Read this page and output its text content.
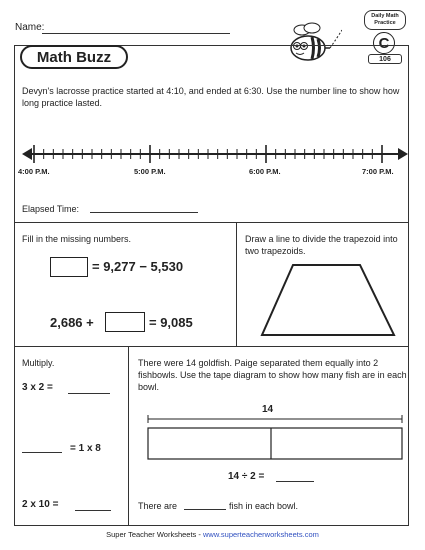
Name:
Daily Math
Practice
C
106
Math Buzz
Devyn's lacrosse practice started at 4:10, and ended at 6:30. Use the number line to show how long practice lasted.
4:00 P.M.	5:00 P.M.	6:00 P.M.	7:00 P.M.
Elapsed Time:
Fill in the missing numbers.
= 9,277 − 5,530
2,686 +	= 9,085
Draw a line to divide the trapezoid into two trapezoids.
Multiply.
3 x 2 =
= 1 x 8
2 x 10 =
There were 14 goldfish. Paige separated them equally into 2 fishbowls. Use the tape diagram to show how many fish are in each bowl.
14
14 ÷ 2 =
There are	fish in each bowl.
Super Teacher Worksheets - www.superteacherworksheets.com
